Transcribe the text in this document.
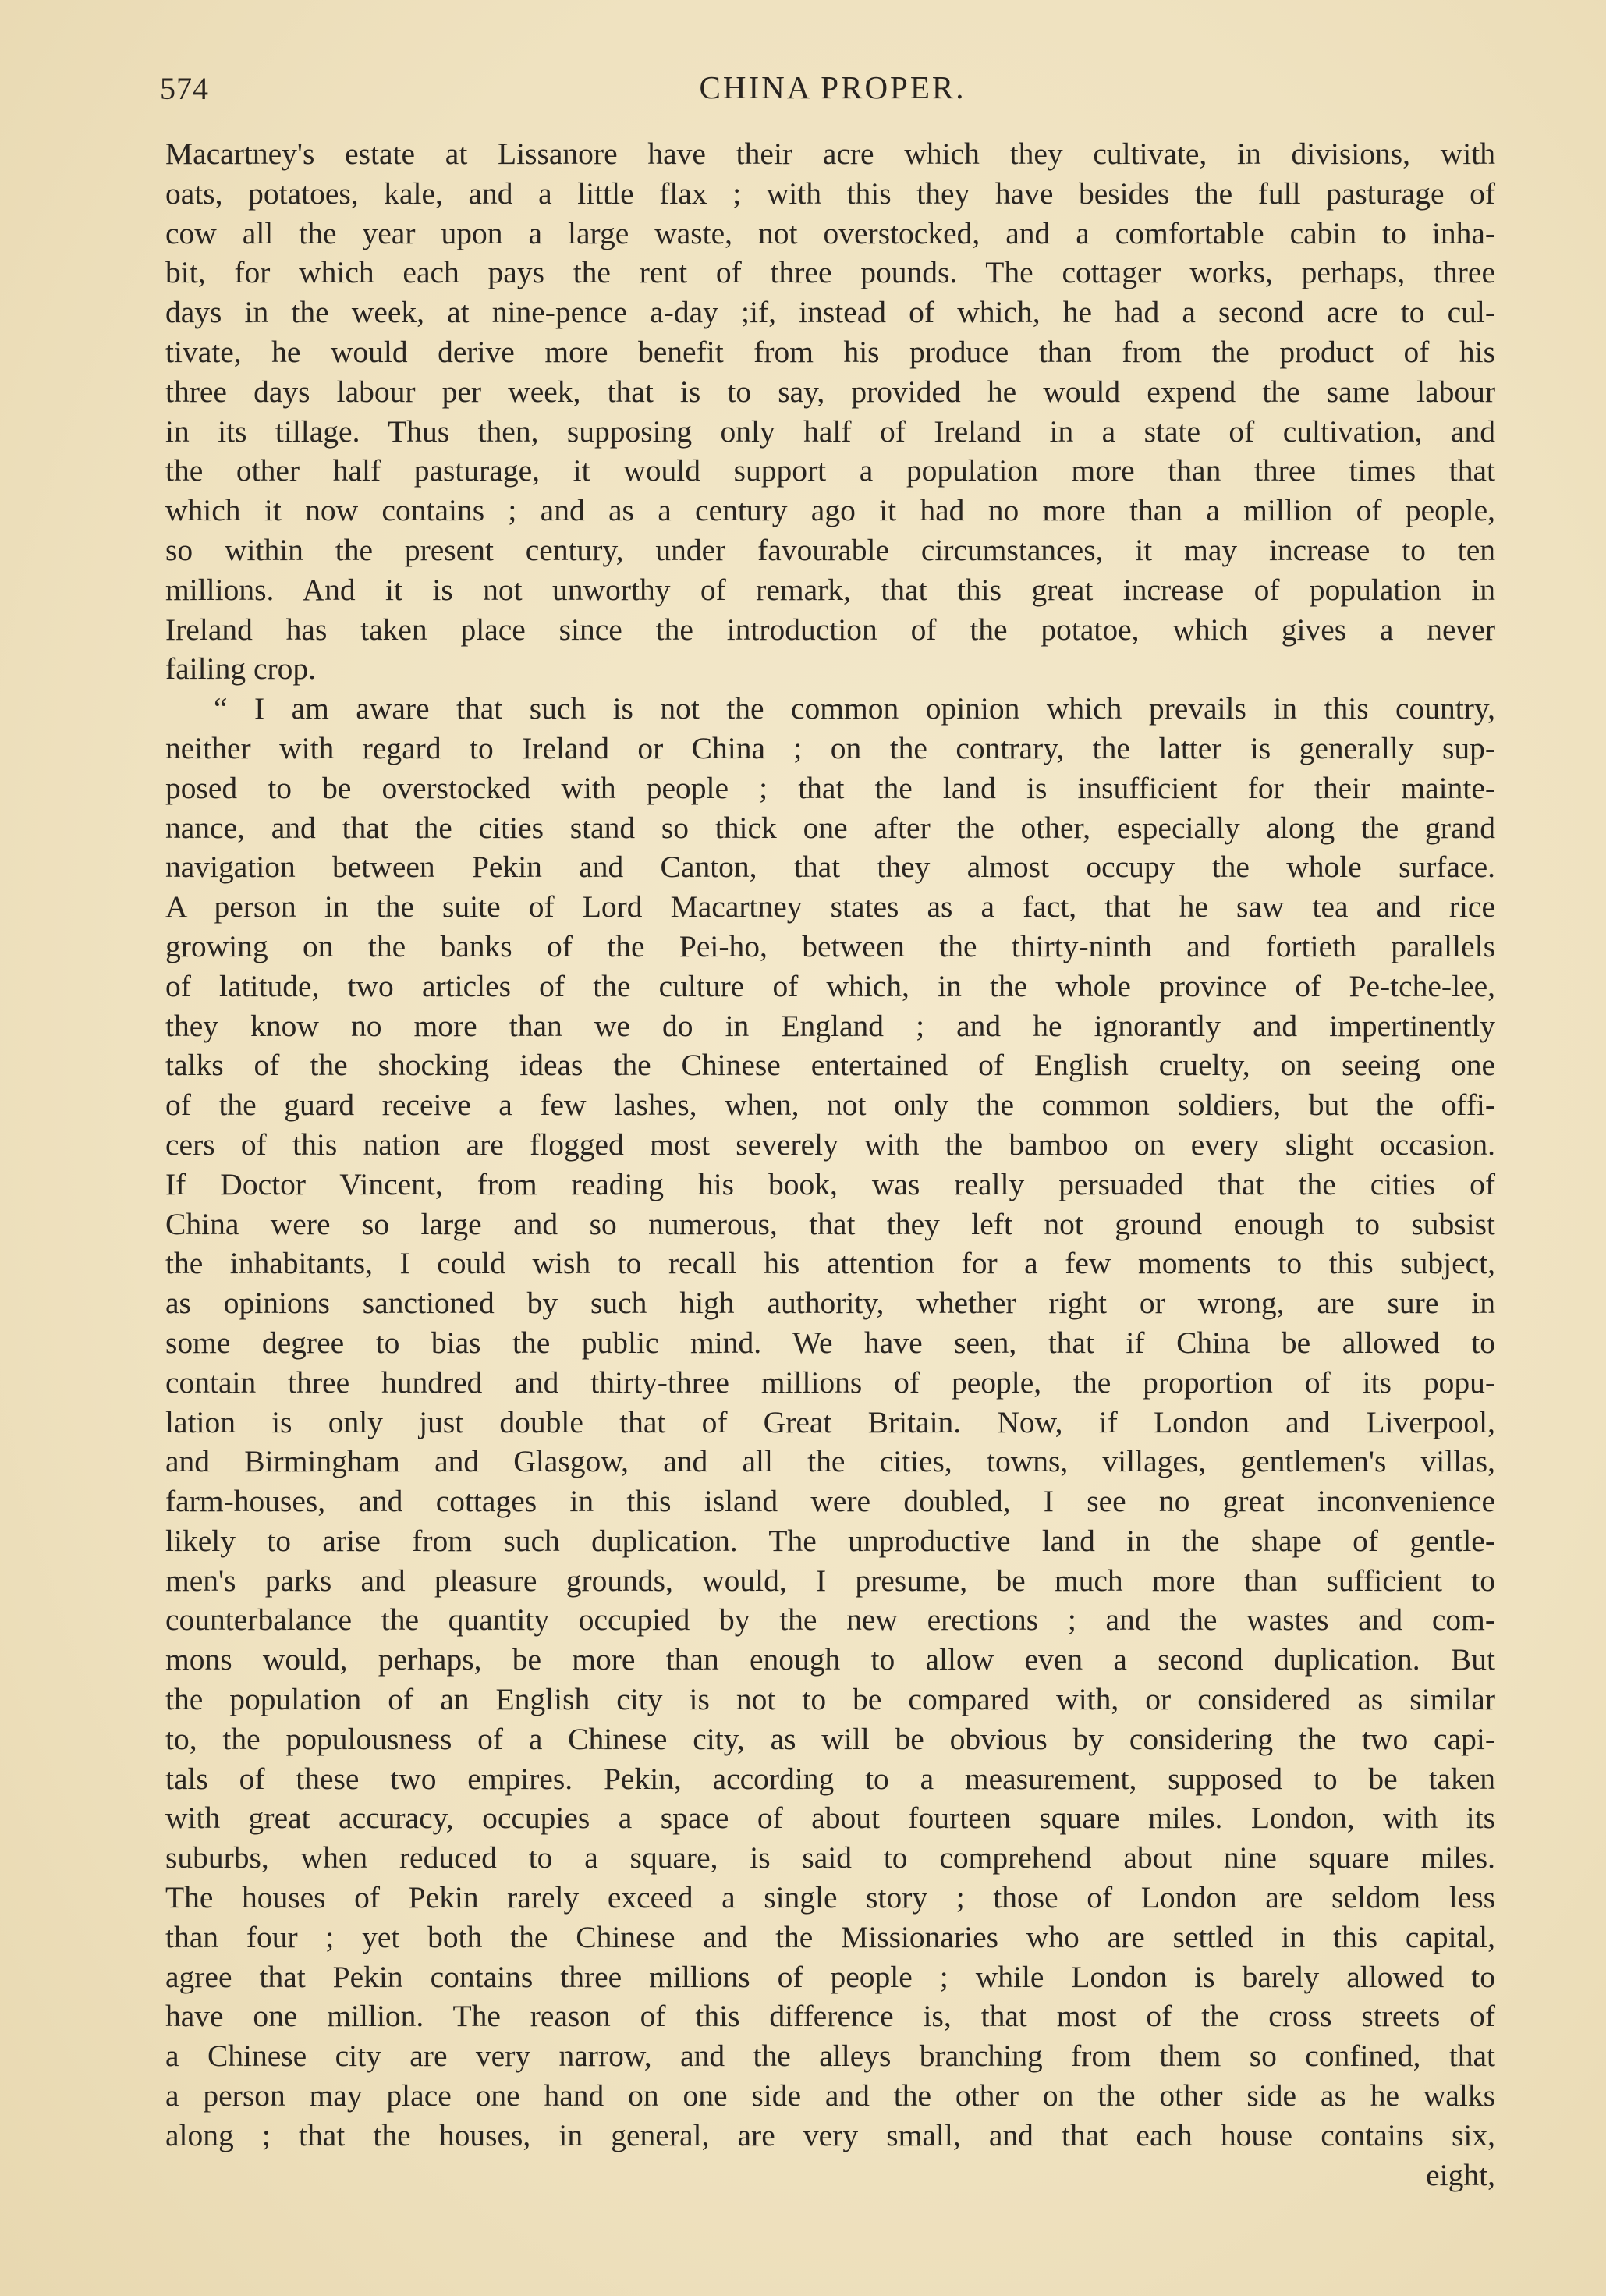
574	CHINA PROPER.
Macartney's estate at Lissanore have their acre which they cultivate, in divisions, with
oats, potatoes, kale, and a little flax ; with this they have besides the full pasturage of
cow all the year upon a large waste, not overstocked, and a comfortable cabin to inha-
bit, for which each pays the rent of three pounds. The cottager works, perhaps, three
days in the week, at nine-pence a-day ;if, instead of which, he had a second acre to cul-
tivate, he would derive more benefit from his produce than from the product of his
three days labour per week, that is to say, provided he would expend the same labour
in its tillage. Thus then, supposing only half of Ireland in a state of cultivation, and
the other half pasturage, it would support a population more than three times that
which it now contains ; and as a century ago it had no more than a million of people,
so within the present century, under favourable circumstances, it may increase to ten
millions. And it is not unworthy of remark, that this great increase of population in
Ireland has taken place since the introduction of the potatoe, which gives a never
failing crop.
“ I am aware that such is not the common opinion which prevails in this country,
neither with regard to Ireland or China ; on the contrary, the latter is generally sup-
posed to be overstocked with people ; that the land is insufficient for their mainte-
nance, and that the cities stand so thick one after the other, especially along the grand
navigation between Pekin and Canton, that they almost occupy the whole surface.
A person in the suite of Lord Macartney states as a fact, that he saw tea and rice
growing on the banks of the Pei-ho, between the thirty-ninth and fortieth parallels
of latitude, two articles of the culture of which, in the whole province of Pe-tche-lee,
they know no more than we do in England ; and he ignorantly and impertinently
talks of the shocking ideas the Chinese entertained of English cruelty, on seeing one
of the guard receive a few lashes, when, not only the common soldiers, but the offi-
cers of this nation are flogged most severely with the bamboo on every slight occasion.
If Doctor Vincent, from reading his book, was really persuaded that the cities of
China were so large and so numerous, that they left not ground enough to subsist
the inhabitants, I could wish to recall his attention for a few moments to this subject,
as opinions sanctioned by such high authority, whether right or wrong, are sure in
some degree to bias the public mind. We have seen, that if China be allowed to
contain three hundred and thirty-three millions of people, the proportion of its popu-
lation is only just double that of Great Britain. Now, if London and Liverpool,
and Birmingham and Glasgow, and all the cities, towns, villages, gentlemen's villas,
farm-houses, and cottages in this island were doubled, I see no great inconvenience
likely to arise from such duplication. The unproductive land in the shape of gentle-
men's parks and pleasure grounds, would, I presume, be much more than sufficient to
counterbalance the quantity occupied by the new erections ; and the wastes and com-
mons would, perhaps, be more than enough to allow even a second duplication. But
the population of an English city is not to be compared with, or considered as similar
to, the populousness of a Chinese city, as will be obvious by considering the two capi-
tals of these two empires. Pekin, according to a measurement, supposed to be taken
with great accuracy, occupies a space of about fourteen square miles. London, with its
suburbs, when reduced to a square, is said to comprehend about nine square miles.
The houses of Pekin rarely exceed a single story ; those of London are seldom less
than four ; yet both the Chinese and the Missionaries who are settled in this capital,
agree that Pekin contains three millions of people ; while London is barely allowed to
have one million. The reason of this difference is, that most of the cross streets of
a Chinese city are very narrow, and the alleys branching from them so confined, that
a person may place one hand on one side and the other on the other side as he walks
along ; that the houses, in general, are very small, and that each house contains six,
eight,
